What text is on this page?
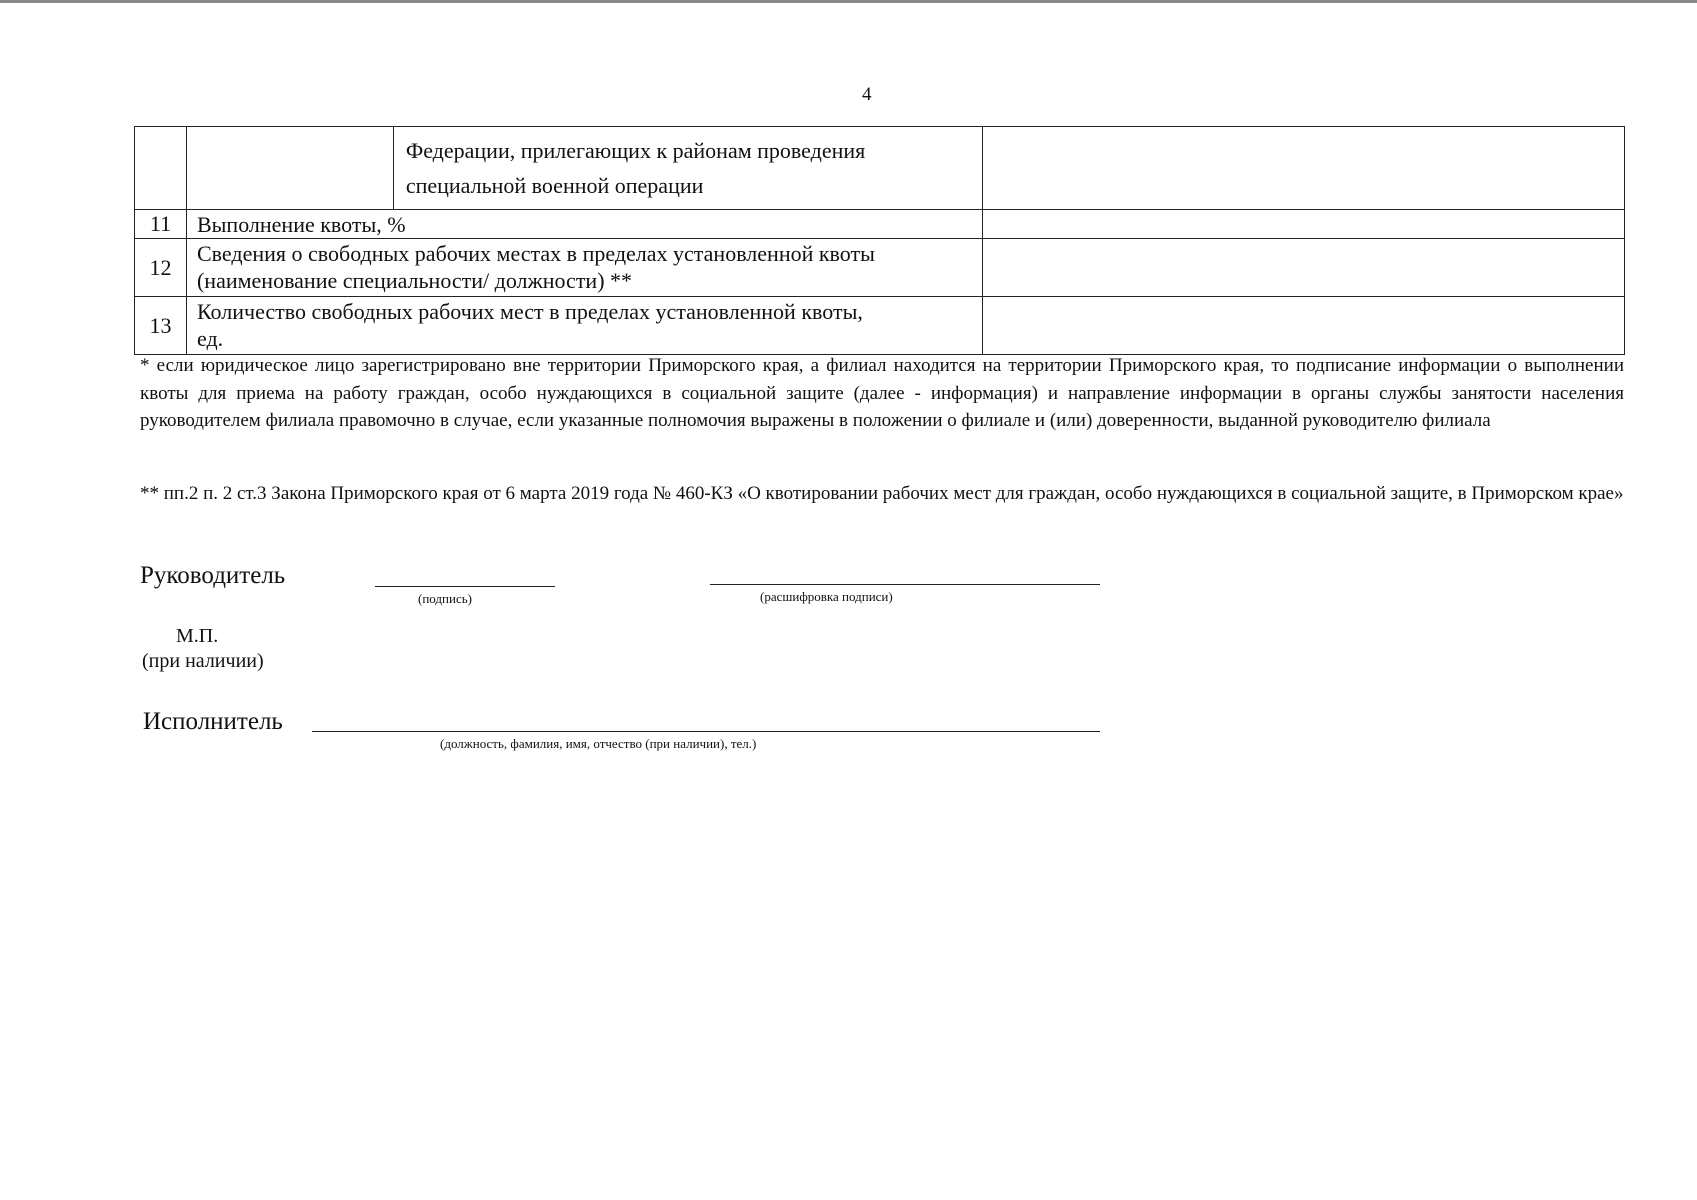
4
		Федерации, прилегающих к районам проведения специальной военной операции	
11	Выполнение квоты, %		
12	Сведения о свободных рабочих местах в пределах установленной квоты (наименование специальности/ должности) **		
13	Количество свободных рабочих мест в пределах установленной квоты, ед.		
* если юридическое лицо зарегистрировано вне территории Приморского края, а филиал находится на территории Приморского края, то подписание информации о выполнении квоты для приема на работу граждан, особо нуждающихся в социальной защите (далее - информация) и направление информации в органы службы занятости населения руководителем филиала правомочно в случае, если указанные полномочия выражены в положении о филиале и (или) доверенности, выданной руководителю филиала
** пп.2 п. 2 ст.3 Закона Приморского края от 6 марта 2019 года № 460-КЗ «О квотировании рабочих мест для граждан, особо нуждающихся в социальной защите, в Приморском крае»
Руководитель
(подпись)	(расшифровка подписи)
М.П.
(при наличии)
Исполнитель
(должность, фамилия, имя, отчество (при наличии), тел.)
